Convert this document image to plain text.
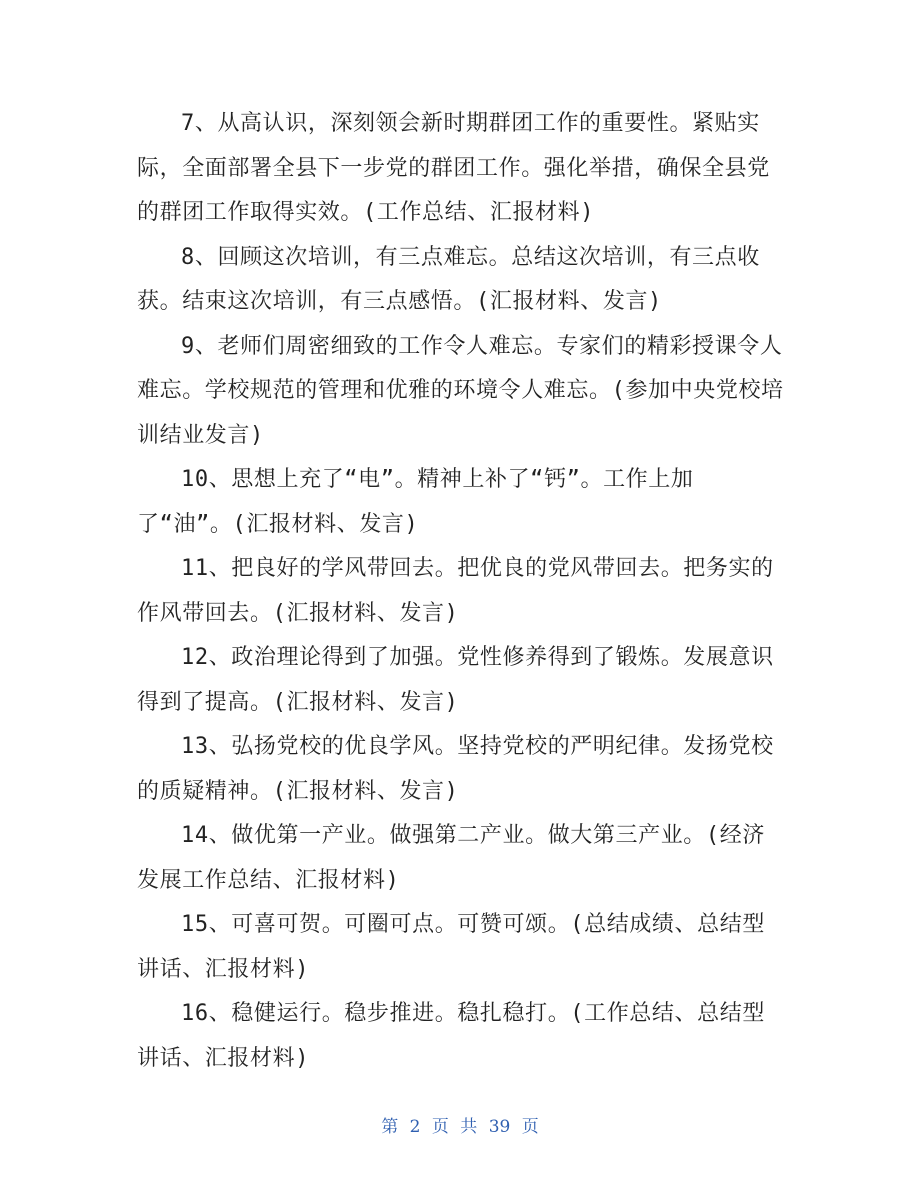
7、从高认识，深刻领会新时期群团工作的重要性。紧贴实际，全面部署全县下一步党的群团工作。强化举措，确保全县党的群团工作取得实效。(工作总结、汇报材料)

8、回顾这次培训，有三点难忘。总结这次培训，有三点收获。结束这次培训，有三点感悟。(汇报材料、发言)

9、老师们周密细致的工作令人难忘。专家们的精彩授课令人难忘。学校规范的管理和优雅的环境令人难忘。(参加中央党校培训结业发言)

10、思想上充了“电”。精神上补了“钙”。工作上加了“油”。(汇报材料、发言)

11、把良好的学风带回去。把优良的党风带回去。把务实的作风带回去。(汇报材料、发言)

12、政治理论得到了加强。党性修养得到了锻炼。发展意识得到了提高。(汇报材料、发言)

13、弘扬党校的优良学风。坚持党校的严明纪律。发扬党校的质疑精神。(汇报材料、发言)

14、做优第一产业。做强第二产业。做大第三产业。(经济发展工作总结、汇报材料)

15、可喜可贺。可圈可点。可赞可颂。(总结成绩、总结型讲话、汇报材料)

16、稳健运行。稳步推进。稳扎稳打。(工作总结、总结型讲话、汇报材料)

第 2 页 共 39 页
